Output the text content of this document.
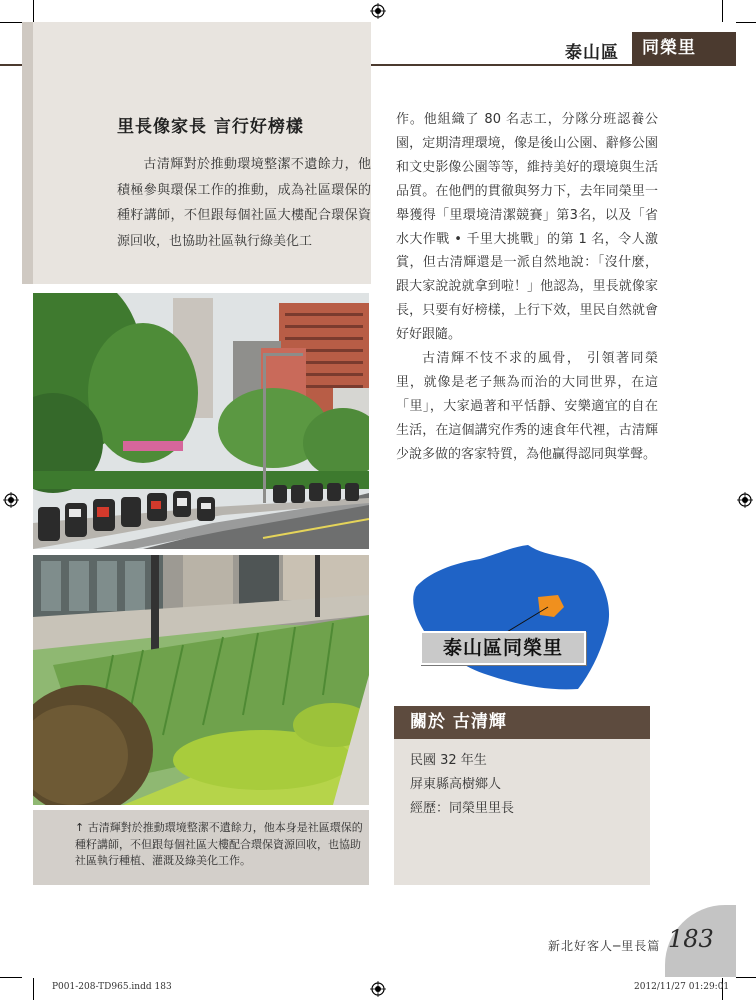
泰山區	同榮里
里長像家長 言行好榜樣
古清輝對於推動環境整潔不遺餘力，他積極參與環保工作的推動，成為社區環保的種籽講師，不但跟每個社區大樓配合環保資源回收，也協助社區執行綠美化工

作。他組織了 80 名志工，分隊分班認養公園，定期清理環境，像是後山公園、辭修公園和文史影像公園等等，維持美好的環境與生活品質。在他們的貫徹與努力下，去年同榮里一舉獲得「里環境清潔競賽」第3名，以及「省水大作戰 • 千里大挑戰」的第 1 名，令人激賞，但古清輝還是一派自然地說：「沒什麼，跟大家說說就拿到啦！」他認為，里長就像家長，只要有好榜樣，上行下效，里民自然就會好好跟隨。

古清輝不忮不求的風骨， 引領著同榮里，就像是老子無為而治的大同世界，在這「里」，大家過著和平恬靜、安樂適宜的自在生活，在這個講究作秀的速食年代裡，古清輝少說多做的客家特質，為他贏得認同與掌聲。

↑ 古清輝對於推動環境整潔不遺餘力，他本身是社區環保的種籽講師，不但跟每個社區大樓配合環保資源回收，也協助社區執行種植、灌溉及綠美化工作。
泰山區同榮里
關於 古清輝
民國 32 年生
屏東縣高樹鄉人
經歷：同榮里里長
新北好客人─里長篇 183
P001-208-TD965.indd 183	2012/11/27 01:29:01
